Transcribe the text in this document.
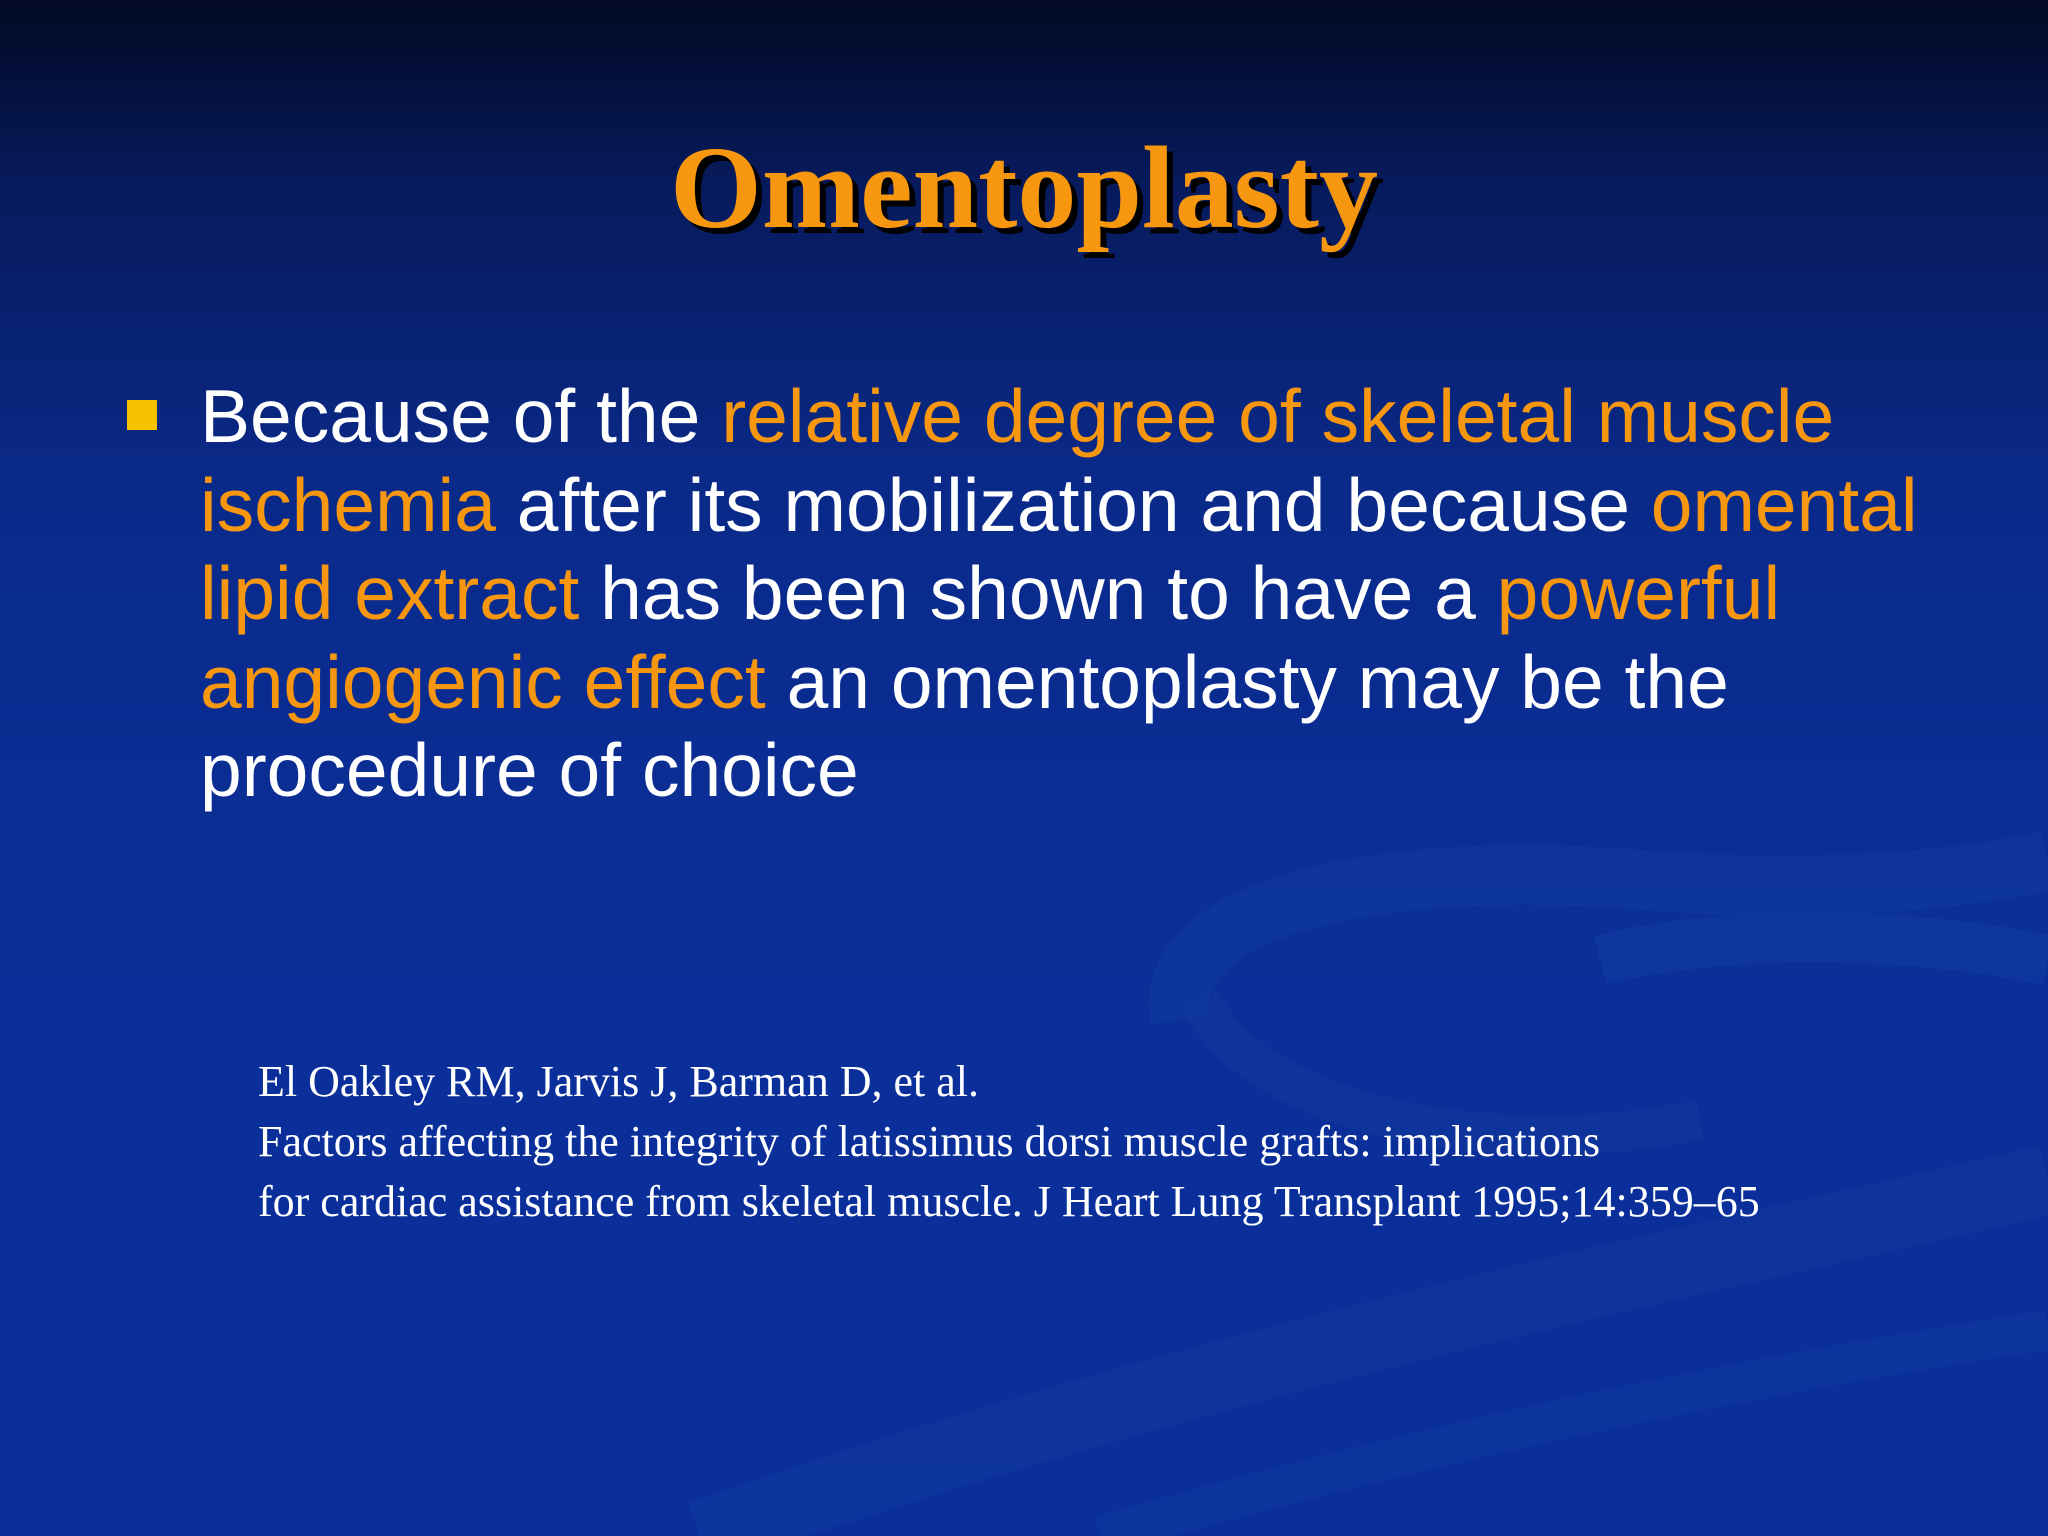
Omentoplasty
Because of the relative degree of skeletal muscle ischemia after its mobilization and because omental lipid extract has been shown to have a powerful angiogenic effect an omentoplasty may be the procedure of choice
El Oakley RM, Jarvis J, Barman D, et al.
Factors affecting the integrity of latissimus dorsi muscle grafts: implications
for cardiac assistance from skeletal muscle. J Heart Lung Transplant 1995;14:359–65
